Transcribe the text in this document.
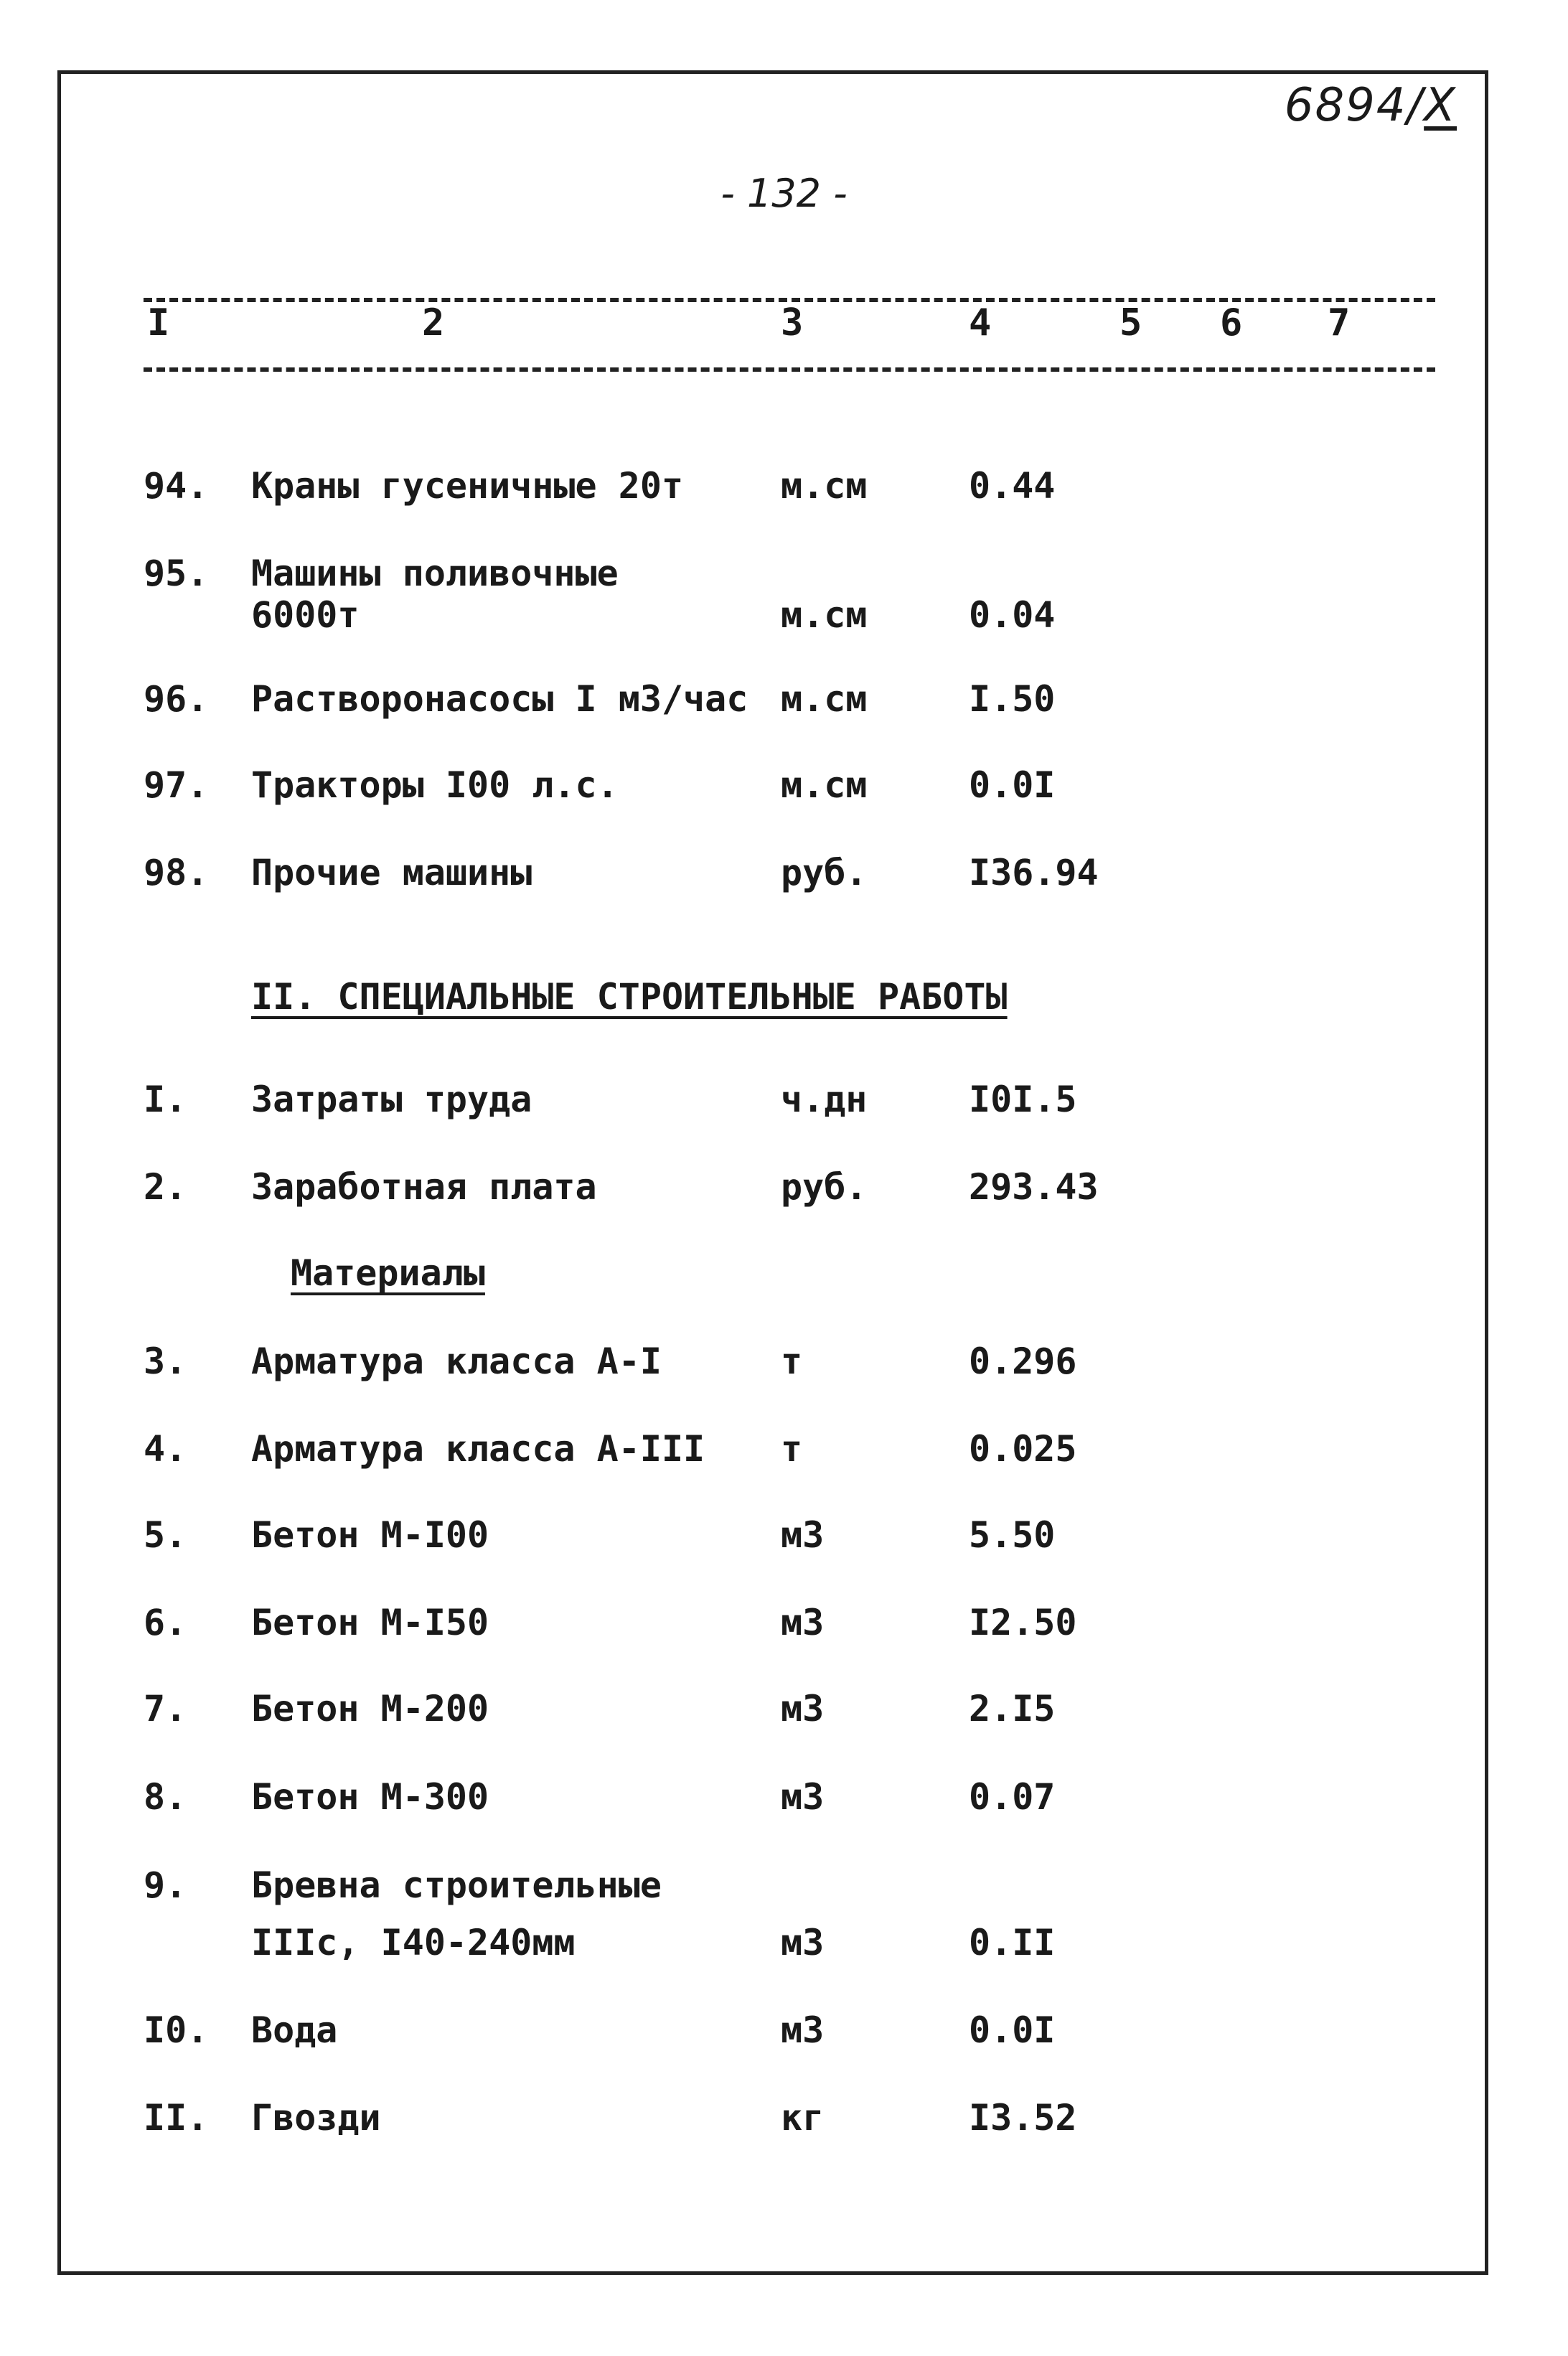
6894/X
- 132 -
I	2	3	4	5 6 7
94. Краны гусеничные 20т	м.см	0.44
95. Машины поливочные
6000т	м.см	0.04
96. Растворонасосы I м3/час м.см	I.50
97. Тракторы I00 л.с.	м.см	0.0I
98. Прочие машины	руб.	I36.94
II. СПЕЦИАЛЬНЫЕ СТРОИТЕЛЬНЫЕ РАБОТЫ
I. Затраты труда	ч.дн	I0I.5
2. Заработная плата	руб.	293.43
Материалы
3. Арматура класса А-I	т	0.296
4. Арматура класса А-III т	0.025
5. Бетон М-I00	м3	5.50
6. Бетон М-I50	м3	I2.50
7. Бетон М-200	м3	2.I5
8. Бетон М-300	м3	0.07
9. Бревна строительные
IIIс, I40-240мм	м3	0.II
I0. Вода	м3	0.0I
II. Гвозди	кг	I3.52
